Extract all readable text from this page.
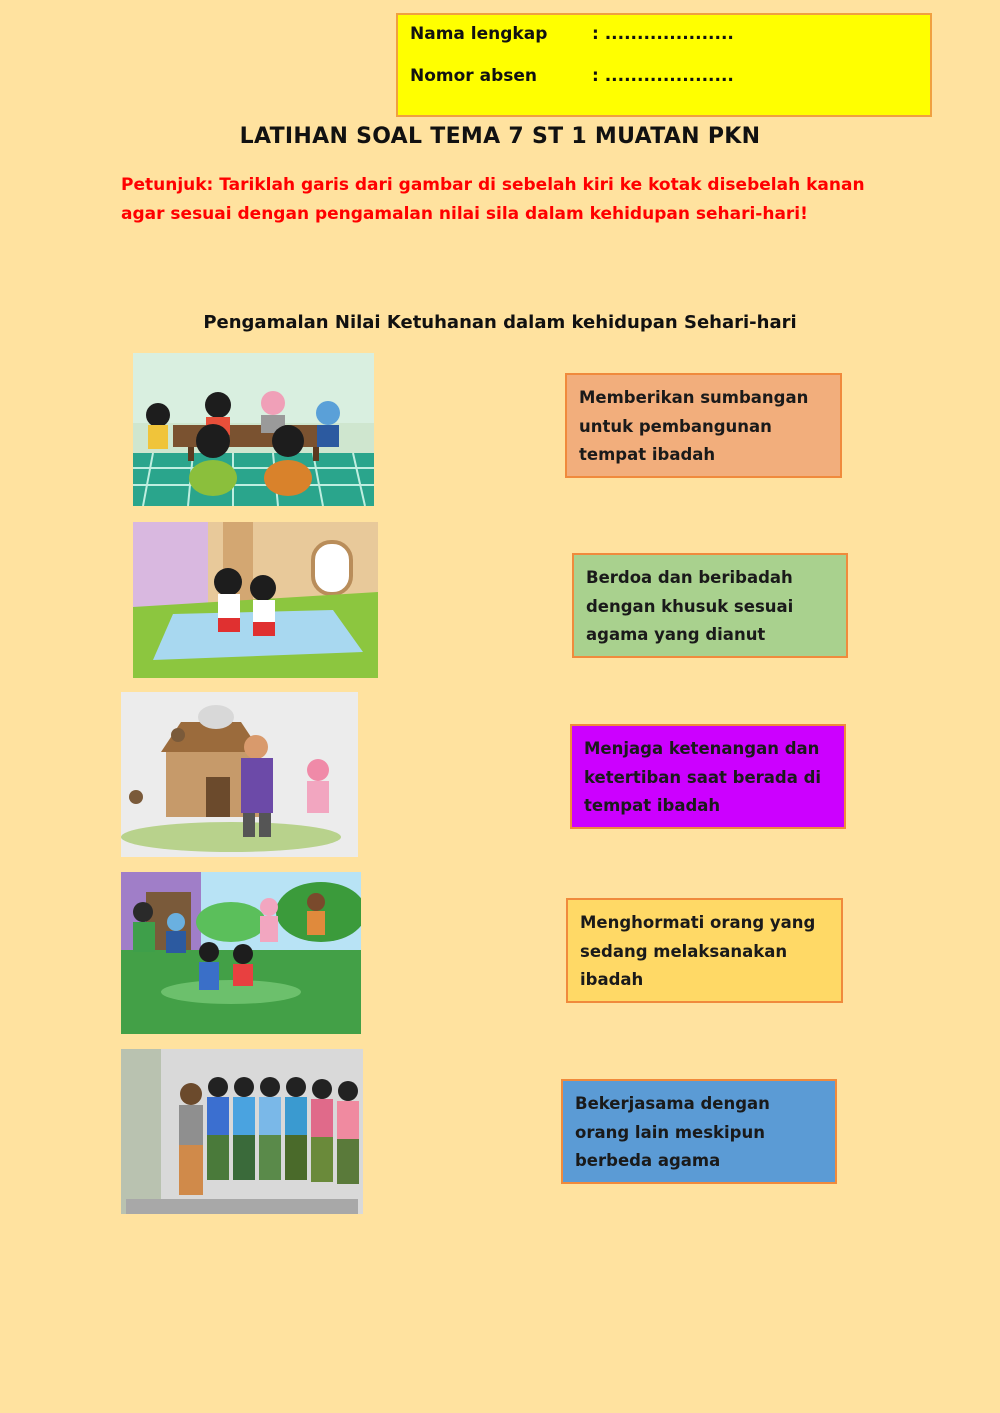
Nama lengkap	: ....................
Nomor absen	: ....................
LATIHAN SOAL TEMA 7 ST 1 MUATAN PKN
Petunjuk: Tariklah garis dari gambar di sebelah kiri ke kotak disebelah kanan agar sesuai dengan pengamalan nilai sila dalam kehidupan sehari-hari!
Pengamalan Nilai Ketuhanan dalam kehidupan Sehari-hari
Memberikan sumbangan untuk pembangunan tempat ibadah
Berdoa dan beribadah dengan khusuk sesuai agama yang dianut
Menjaga ketenangan dan ketertiban saat berada di tempat ibadah
Menghormati orang yang sedang melaksanakan ibadah
Bekerjasama dengan orang lain meskipun berbeda agama
